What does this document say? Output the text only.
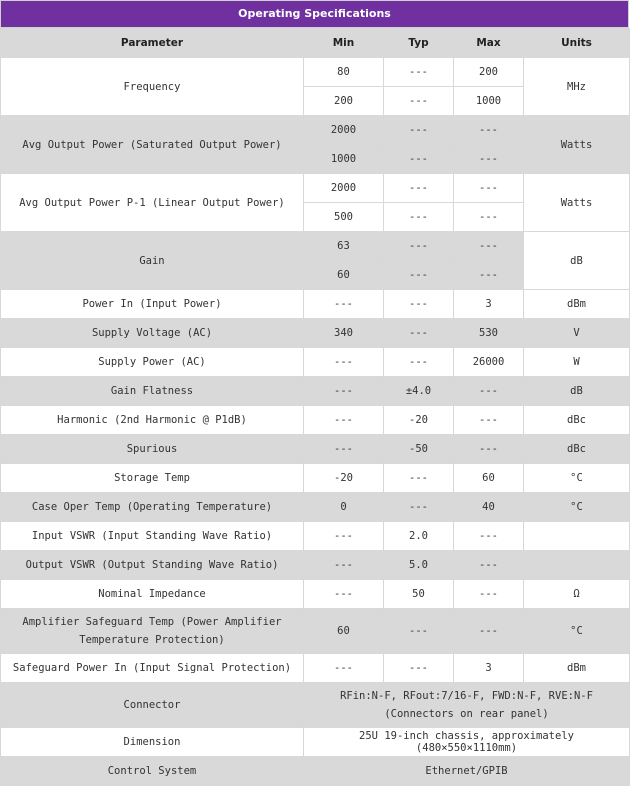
Operating Specifications
Parameter	Min	Typ	Max	Units
Frequency	80	---	200	MHz
	200	---	1000	
Avg Output Power (Saturated Output Power)	2000	---	---	Watts
	1000	---	---	
Avg Output Power P-1 (Linear Output Power)	2000	---	---	Watts
	500	---	---	
Gain	63	---	---	dB
	60	---	---	
Power In (Input Power)	---	---	3	dBm
Supply Voltage (AC)	340	---	530	V
Supply Power (AC)	---	---	26000	W
Gain Flatness	---	±4.0	---	dB
Harmonic (2nd Harmonic @ P1dB)	---	-20	---	dBc
Spurious	---	-50	---	dBc
Storage Temp	-20	---	60	°C
Case Oper Temp (Operating Temperature)	0	---	40	°C
Input VSWR (Input Standing Wave Ratio)	---	2.0	---	
Output VSWR (Output Standing Wave Ratio)	---	5.0	---	
Nominal Impedance	---	50	---	Ω
Amplifier Safeguard Temp (Power Amplifier Temperature Protection)	60	---	---	°C
Safeguard Power In (Input Signal Protection)	---	---	3	dBm
Connector	RFin:N-F, RFout:7/16-F, FWD:N-F, RVE:N-F (Connectors on rear panel)			
Dimension	25U 19-inch chassis, approximately (480×550×1110mm)			
Control System	Ethernet/GPIB			
